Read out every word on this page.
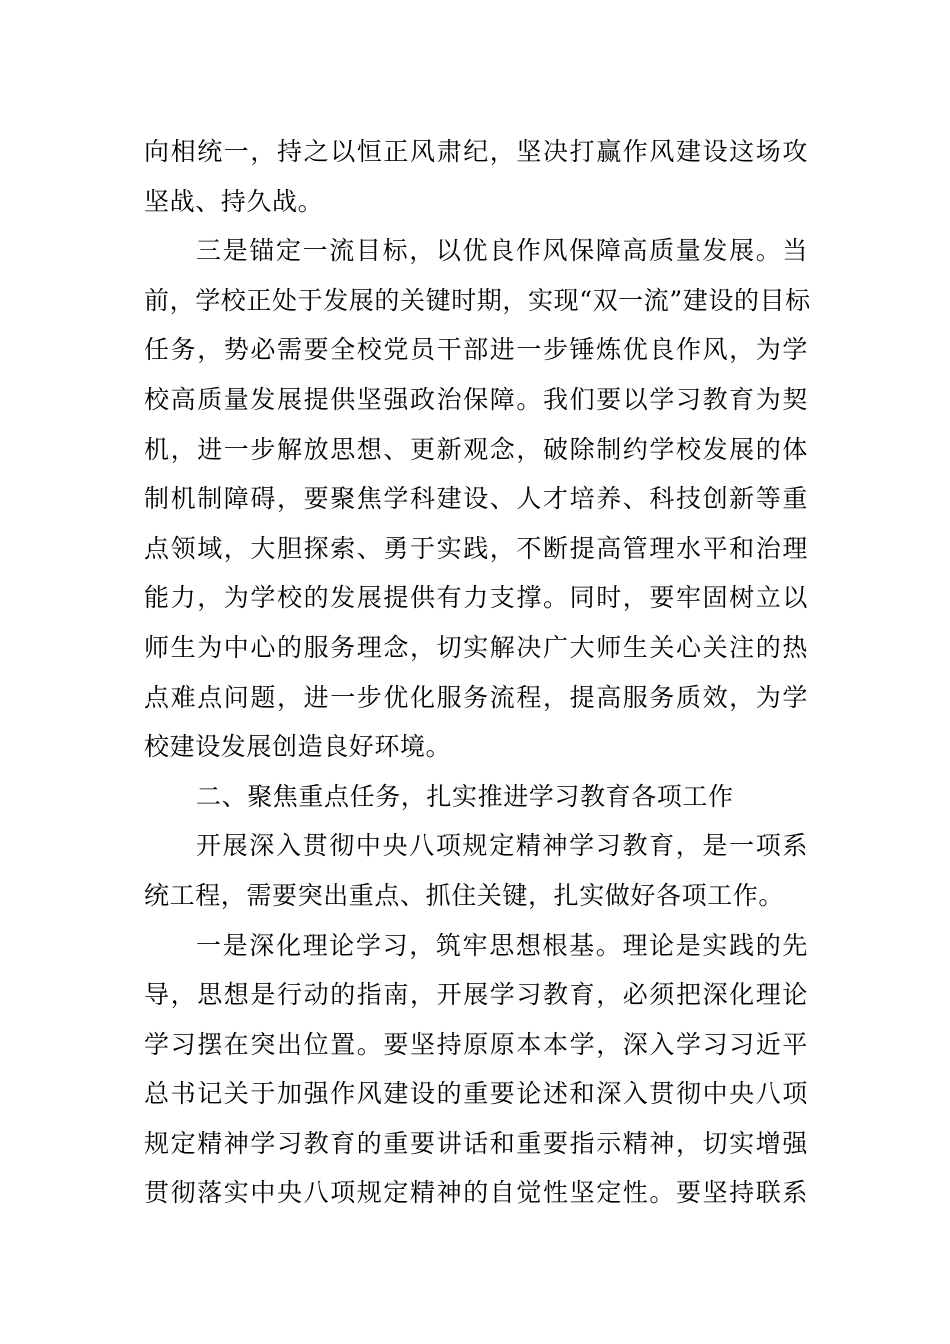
向相统一，持之以恒正风肃纪，坚决打赢作风建设这场攻
坚战、持久战。
三是锚定一流目标，以优良作风保障高质量发展。当
前，学校正处于发展的关键时期，实现“双一流”建设的目标
任务，势必需要全校党员干部进一步锤炼优良作风，为学
校高质量发展提供坚强政治保障。我们要以学习教育为契
机，进一步解放思想、更新观念，破除制约学校发展的体
制机制障碍，要聚焦学科建设、人才培养、科技创新等重
点领域，大胆探索、勇于实践，不断提高管理水平和治理
能力，为学校的发展提供有力支撑。同时，要牢固树立以
师生为中心的服务理念，切实解决广大师生关心关注的热
点难点问题，进一步优化服务流程，提高服务质效，为学
校建设发展创造良好环境。
二、聚焦重点任务，扎实推进学习教育各项工作
开展深入贯彻中央八项规定精神学习教育，是一项系
统工程，需要突出重点、抓住关键，扎实做好各项工作。
一是深化理论学习，筑牢思想根基。理论是实践的先
导，思想是行动的指南，开展学习教育，必须把深化理论
学习摆在突出位置。要坚持原原本本学，深入学习习近平
总书记关于加强作风建设的重要论述和深入贯彻中央八项
规定精神学习教育的重要讲话和重要指示精神，切实增强
贯彻落实中央八项规定精神的自觉性坚定性。要坚持联系
